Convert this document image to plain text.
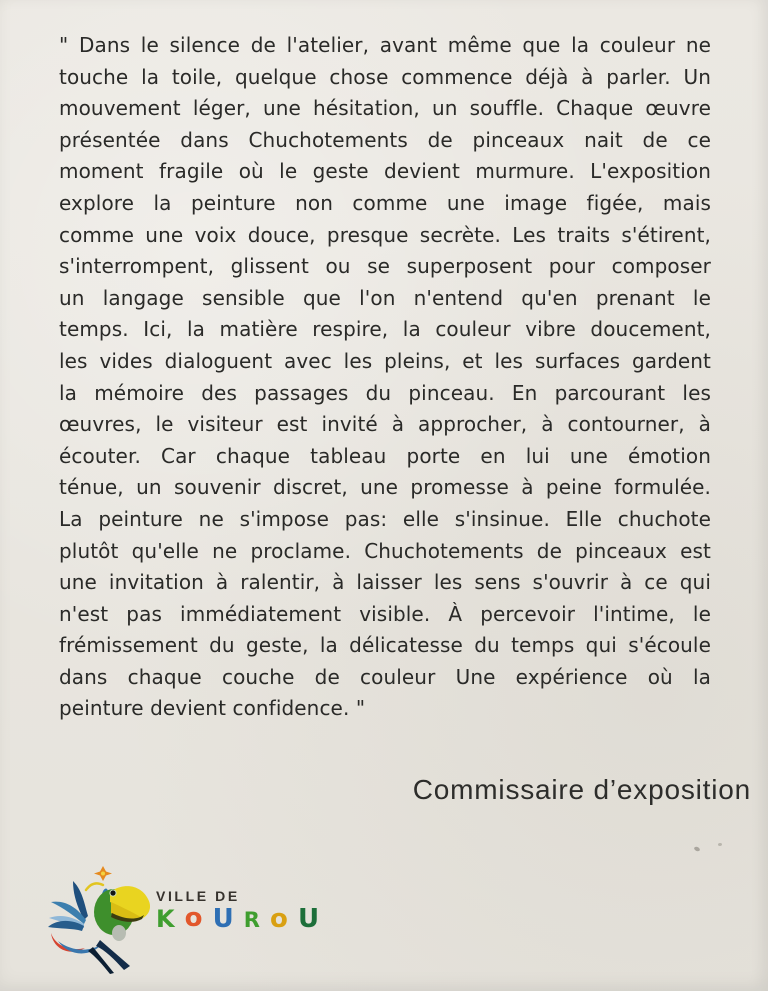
" Dans le silence de l'atelier, avant même que la couleur ne
touche la toile, quelque chose commence déjà à parler. Un
mouvement léger, une hésitation, un souffle. Chaque œuvre
présentée dans Chuchotements de pinceaux nait de ce
moment fragile où le geste devient murmure. L'exposition
explore la peinture non comme une image figée, mais
comme une voix douce, presque secrète. Les traits s'étirent,
s'interrompent, glissent ou se superposent pour composer
un langage sensible que l'on n'entend qu'en prenant le
temps. Ici, la matière respire, la couleur vibre doucement,
les vides dialoguent avec les pleins, et les surfaces gardent
la mémoire des passages du pinceau. En parcourant les
œuvres, le visiteur est invité à approcher, à contourner, à
écouter. Car chaque tableau porte en lui une émotion
ténue, un souvenir discret, une promesse à peine formulée.
La peinture ne s'impose pas: elle s'insinue. Elle chuchote
plutôt qu'elle ne proclame. Chuchotements de pinceaux est
une invitation à ralentir, à laisser les sens s'ouvrir à ce qui
n'est pas immédiatement visible. À percevoir l'intime, le
frémissement du geste, la délicatesse du temps qui s'écoule
dans chaque couche de couleur Une expérience où la
peinture devient confidence. "
Commissaire d’exposition
VILLE DE
K o U R o U
